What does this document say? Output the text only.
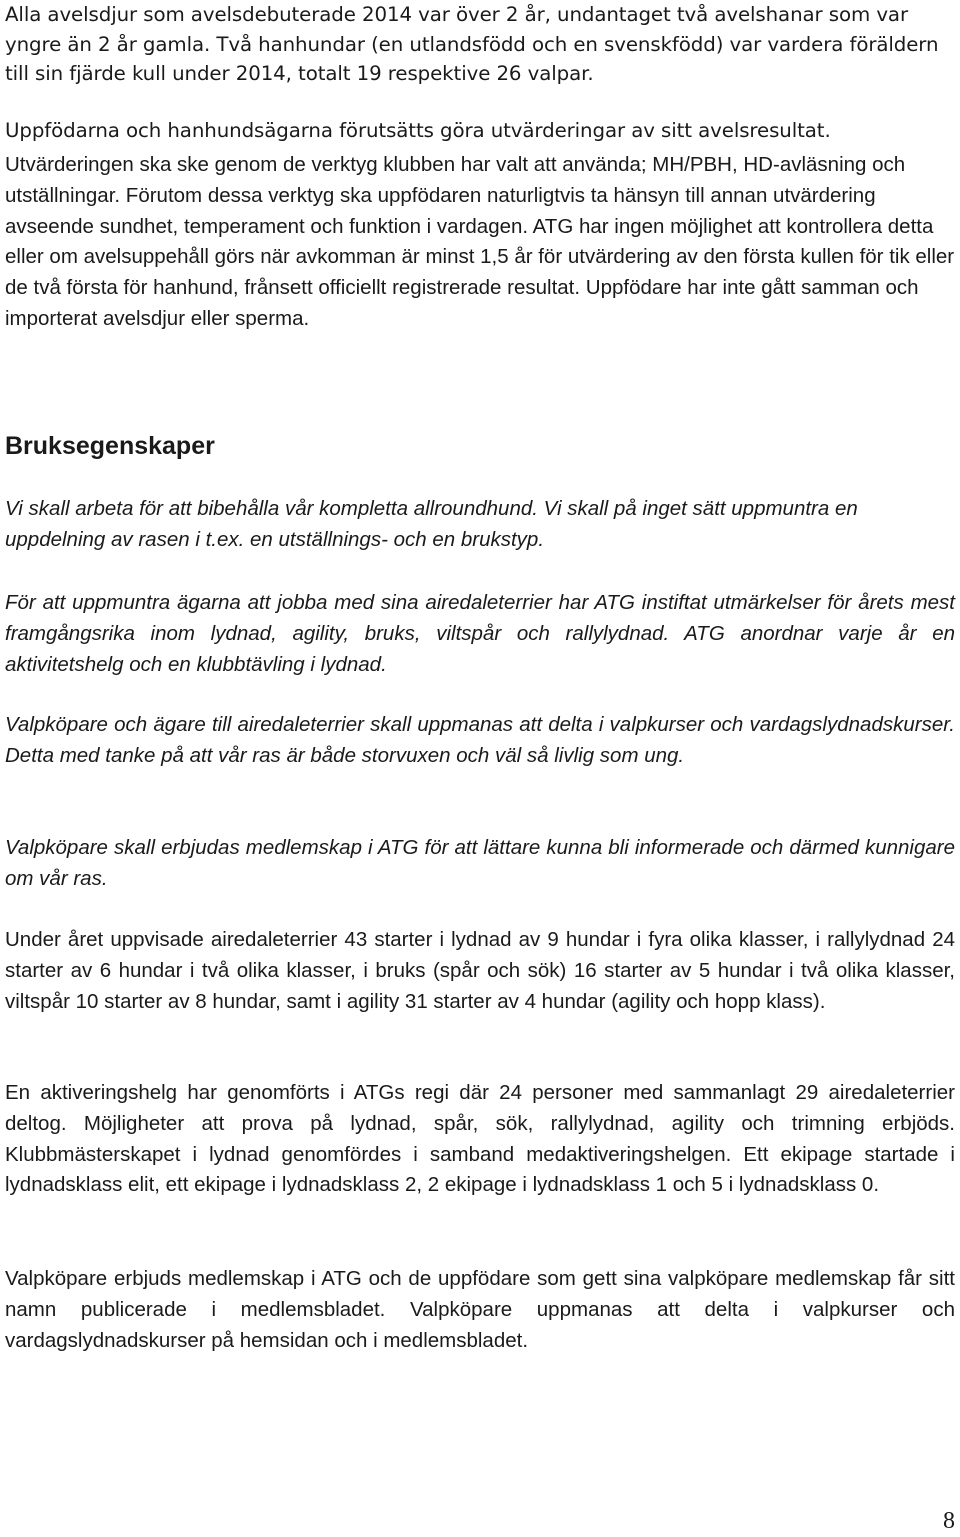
Alla avelsdjur som avelsdebuterade 2014 var över 2 år, undantaget två avelshanar som var yngre än 2 år gamla. Två hanhundar (en utlandsfödd och en svenskfödd) var vardera föräldern till sin fjärde kull under 2014, totalt 19 respektive 26 valpar.

Uppfödarna och hanhundsägarna förutsätts göra utvärderingar av sitt avelsresultat.

Utvärderingen ska ske genom de verktyg klubben har valt att använda; MH/PBH, HD-avläsning och utställningar. Förutom dessa verktyg ska uppfödaren naturligtvis ta hänsyn till annan utvärdering avseende sundhet, temperament och funktion i vardagen. ATG har ingen möjlighet att kontrollera detta eller om avelsuppehåll görs när avkomman är minst 1,5 år för utvärdering av den första kullen för tik eller de två första för hanhund, frånsett officiellt registrerade resultat. Uppfödare har inte gått samman och importerat avelsdjur eller sperma.

Bruksegenskaper

Vi skall arbeta för att bibehålla vår kompletta allroundhund. Vi skall på inget sätt uppmuntra en uppdelning av rasen i t.ex. en utställnings- och en brukstyp.

För att uppmuntra ägarna att jobba med sina airedaleterrier har ATG instiftat utmärkelser för årets mest framgångsrika inom lydnad, agility, bruks, viltspår och rallylydnad. ATG anordnar varje år en aktivitetshelg och en klubbtävling i lydnad.

Valpköpare och ägare till airedaleterrier skall uppmanas att delta i valpkurser och vardagslydnadskurser. Detta med tanke på att vår ras är både storvuxen och väl så livlig som ung.

Valpköpare skall erbjudas medlemskap i ATG för att lättare kunna bli informerade och därmed kunnigare om vår ras.

Under året uppvisade airedaleterrier 43 starter i lydnad av 9 hundar i fyra olika klasser, i rallylydnad 24 starter av 6 hundar i två olika klasser, i bruks (spår och sök) 16 starter av 5 hundar i två olika klasser, viltspår 10 starter av 8 hundar, samt i agility 31 starter av 4 hundar (agility och hopp klass).

En aktiveringshelg har genomförts i ATGs regi där 24 personer med sammanlagt 29 airedaleterrier deltog. Möjligheter att prova på lydnad, spår, sök, rallylydnad, agility och trimning erbjöds. Klubbmästerskapet i lydnad genomfördes i samband medaktiveringshelgen. Ett ekipage startade i lydnadsklass elit, ett ekipage i lydnadsklass 2, 2 ekipage i lydnadsklass 1 och 5 i lydnadsklass 0.

Valpköpare erbjuds medlemskap i ATG och de uppfödare som gett sina valpköpare medlemskap får sitt namn publicerade i medlemsbladet. Valpköpare uppmanas att delta i valpkurser och vardagslydnadskurser på hemsidan och i medlemsbladet.

8
